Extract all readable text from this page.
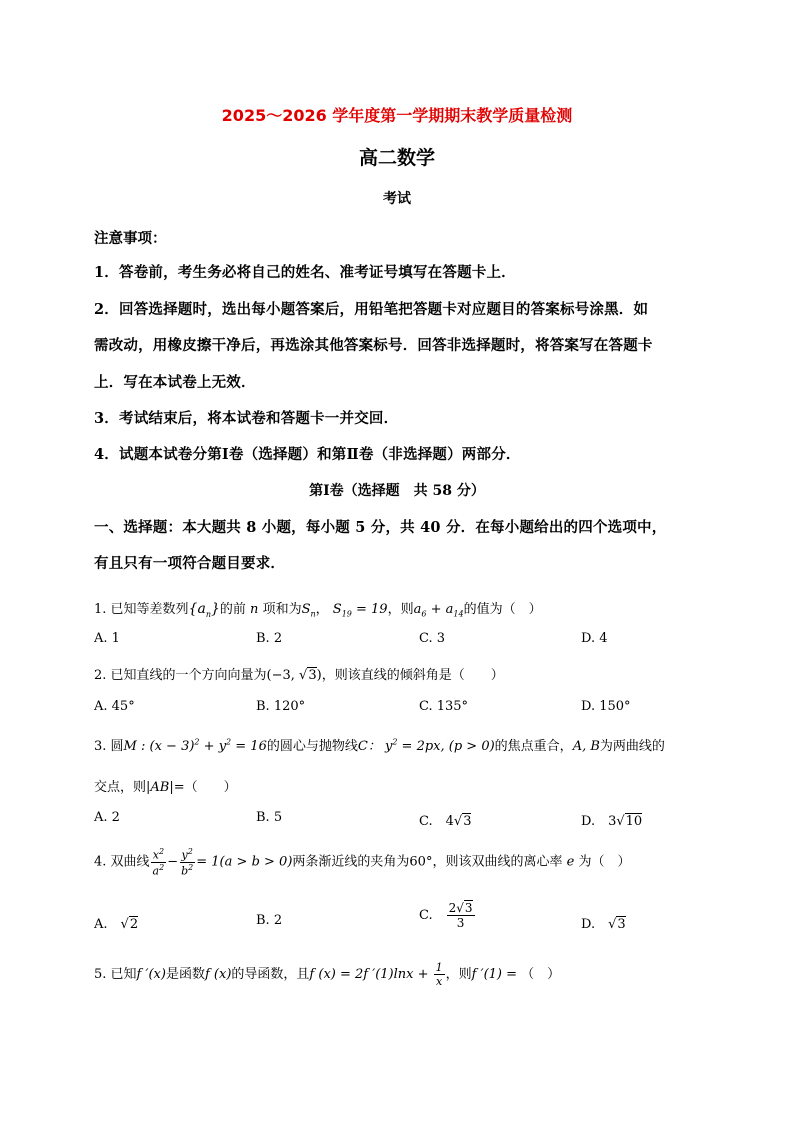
2025～2026 学年度第一学期期末教学质量检测
高二数学
考试
注意事项：
1．答卷前，考生务必将自己的姓名、准考证号填写在答题卡上．
2．回答选择题时，选出每小题答案后，用铅笔把答题卡对应题目的答案标号涂黑．如
需改动，用橡皮擦干净后，再选涂其他答案标号．回答非选择题时，将答案写在答题卡
上．写在本试卷上无效．
3．考试结束后，将本试卷和答题卡一并交回．
4．试题本试卷分第Ⅰ卷（选择题）和第Ⅱ卷（非选择题）两部分．
第Ⅰ卷（选择题　共 58 分）
一、选择题：本大题共 8 小题，每小题 5 分，共 40 分．在每小题给出的四个选项中，
有且只有一项符合题目要求．
1. 已知等差数列$\{a_n\}$的前 n 项和为$S_n$， $S_{19} = 19$，则$a_6 + a_{14}$的值为（　）
A. 1	B. 2	C. 3	D. 4
2. 已知直线的一个方向向量为(−3, √3)，则该直线的倾斜角是（　　）
A. 45°	B. 120°	C. 135°	D. 150°
3. 圆M : $(x - 3)^2 + y^2 = 16$的圆心与抛物线C： $y^2 = 2px$, (p > 0)的焦点重合，A, B为两曲线的
交点，则|AB|=（　　）
A. 2	B. 5	C.　4√3	D.　3√10
4. 双曲线 $\frac{x^2}{a^2} - \frac{y^2}{b^2} = 1(a > b > 0)$两条渐近线的夹角为60°，则该双曲线的离心率 e 为（　）
A.　√2	B. 2	C.　 $\frac{2√3}{3}$	D.　√3
5. 已知f ′(x)是函数f (x)的导函数，且f (x) = 2f $'(1)\ln x + \frac{1}{x}$ ，则f ′(1) = （　）
